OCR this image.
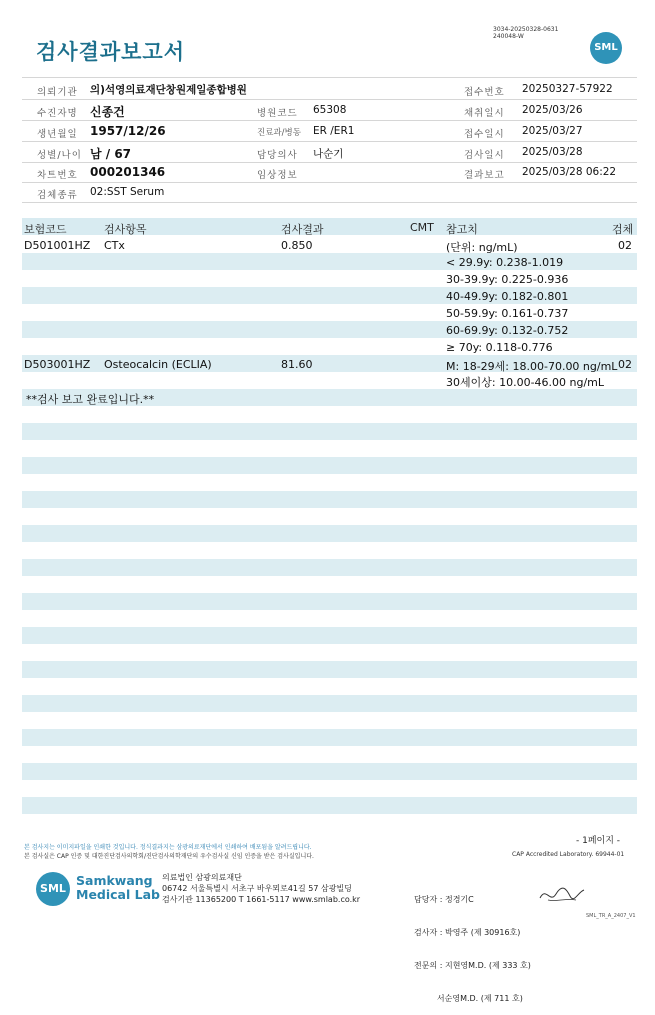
검사결과보고서
3034-20250328-0631
240048-W
SML
의뢰기관 의)석영의료재단창원제일종합병원	접수번호 20250327-57922
수진자명 신종건	병원코드 65308	채취일시 2025/03/26
생년월일 1957/12/26	진료과/병동 ER /ER1	접수일시 2025/03/27
성별/나이 남 / 67	담당의사 나순기	검사일시 2025/03/28
차트번호 000201346	임상정보	결과보고 2025/03/28 06:22
검체종류 02:SST Serum
보험코드	검사항목	검사결과	CMT 참고치	검체
D501001HZ CTx	0.850	(단위: ng/mL)	02
< 29.9y: 0.238-1.019
30-39.9y: 0.225-0.936
40-49.9y: 0.182-0.801
50-59.9y: 0.161-0.737
60-69.9y: 0.132-0.752
≥ 70y: 0.118-0.776
D503001HZ Osteocalcin (ECLIA)	81.60	M: 18-29세: 18.00-70.00 ng/mL 02
30세이상: 10.00-46.00 ng/mL
**검사 보고 완료입니다.**
- 1페이지 -
본 검사지는 이미지파일을 인쇄한 것입니다. 정식결과지는 삼광의료재단에서 인쇄하여 배포됨을 알려드립니다.
본 검사실은 CAP 인증 및 대한진단검사의학회/진단검사의학재단의 우수검사실 신임 인증을 받은 검사실입니다.	CAP Accredited Laboratory. 69944-01
SML
Samkwang
Medical Lab
의료법인 삼광의료재단
06742 서울특별시 서초구 바우뫼로41길 57 삼광빌딩
검사기관 11365200 T 1661-5117 www.smlab.co.kr

	담당자 : 정경기C

검사자 : 박영주 (제 30916호)

전문의 : 지현영M.D. (제 333 호)

서순영M.D. (제 711 호)

SML_TR_A_2407_V1
